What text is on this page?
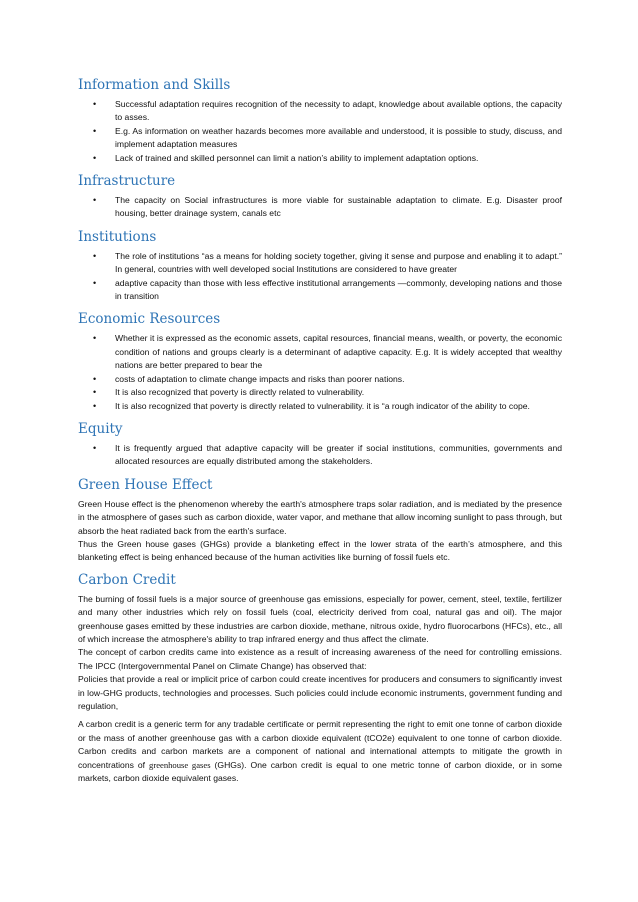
Information and Skills
• Successful adaptation requires recognition of the necessity to adapt, knowledge about available options, the capacity to asses.
• E.g. As information on weather hazards becomes more available and understood, it is possible to study, discuss, and implement adaptation measures
• Lack of trained and skilled personnel can limit a nation’s ability to implement adaptation options.
Infrastructure
• The capacity on Social infrastructures is more viable for sustainable adaptation to climate. E.g. Disaster proof housing, better drainage system, canals etc
Institutions
• The role of institutions “as a means for holding society together, giving it sense and purpose and enabling it to adapt.” In general, countries with well developed social Institutions are considered to have greater
• adaptive capacity than those with less effective institutional arrangements —commonly, developing nations and those in transition
Economic Resources
• Whether it is expressed as the economic assets, capital resources, financial means, wealth, or poverty, the economic condition of nations and groups clearly is a determinant of adaptive capacity. E.g. It is widely accepted that wealthy nations are better prepared to bear the
• costs of adaptation to climate change impacts and risks than poorer nations.
• It is also recognized that poverty is directly related to vulnerability.
• It is also recognized that poverty is directly related to vulnerability. it is “a rough indicator of the ability to cope.
Equity
• It is frequently argued that adaptive capacity will be greater if social institutions, communities, governments and allocated resources are equally distributed among the stakeholders.
Green House Effect

Green House effect is the phenomenon whereby the earth's atmosphere traps solar radiation, and is mediated by the presence in the atmosphere of gases such as carbon dioxide, water vapor, and methane that allow incoming sunlight to pass through, but absorb the heat radiated back from the earth's surface.

Thus the Green house gases (GHGs) provide a blanketing effect in the lower strata of the earth’s atmosphere, and this blanketing effect is being enhanced because of the human activities like burning of fossil fuels etc.

Carbon Credit

The burning of fossil fuels is a major source of greenhouse gas emissions, especially for power, cement, steel, textile, fertilizer and many other industries which rely on fossil fuels (coal, electricity derived from coal, natural gas and oil). The major greenhouse gases emitted by these industries are carbon dioxide, methane, nitrous oxide, hydro fluorocarbons (HFCs), etc., all of which increase the atmosphere's ability to trap infrared energy and thus affect the climate.

The concept of carbon credits came into existence as a result of increasing awareness of the need for controlling emissions. The IPCC (Intergovernmental Panel on Climate Change) has observed that:

Policies that provide a real or implicit price of carbon could create incentives for producers and consumers to significantly invest in low-GHG products, technologies and processes. Such policies could include economic instruments, government funding and regulation,

A carbon credit is a generic term for any tradable certificate or permit representing the right to emit one tonne of carbon dioxide or the mass of another greenhouse gas with a carbon dioxide equivalent (tCO2e) equivalent to one tonne of carbon dioxide. Carbon credits and carbon markets are a component of national and international attempts to mitigate the growth in concentrations of greenhouse gases (GHGs). One carbon credit is equal to one metric tonne of carbon dioxide, or in some markets, carbon dioxide equivalent gases.
